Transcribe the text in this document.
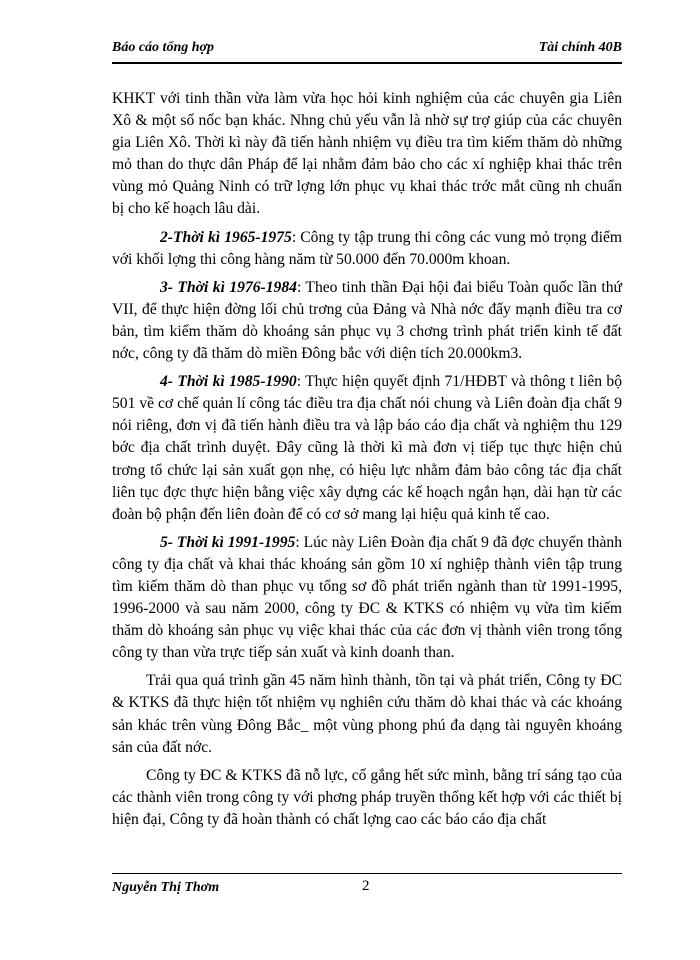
Báo cáo tổng hợp	Tài chính 40B

KHKT với tinh thần vừa làm vừa học hỏi kinh nghiệm của các chuyên gia Liên Xô & một số nốc bạn khác. Nhng chủ yếu vẫn là nhờ sự trợ giúp của các chuyên gia Liên Xô. Thời kì này đã tiến hành nhiệm vụ điều tra tìm kiếm thăm dò những mỏ than do thực dân Pháp để lại nhằm đảm bảo cho các xí nghiệp khai thác trên vùng mỏ Quảng Ninh có trữ lợng lớn phục vụ khai thác trớc mắt cũng nh chuẩn bị cho kế hoạch lâu dài.

2-Thời kì 1965-1975: Công ty tập trung thi công các vung mỏ trọng điểm với khối lợng thi công hàng năm từ 50.000 đến 70.000m khoan.

3- Thời kì 1976-1984: Theo tinh thần Đại hội đai biểu Toàn quốc lần thứ VII, để thực hiện đờng lối chủ trơng của Đảng và Nhà nớc đẩy mạnh điều tra cơ bản, tìm kiếm thăm dò khoáng sản phục vụ 3 chơng trình phát triển kinh tế đất nớc, công ty đã thăm dò miền Đông bắc với diện tích 20.000km3.

4- Thời kì 1985-1990: Thực hiện quyết định 71/HĐBT và thông t liên bộ 501 về cơ chế quản lí công tác điều tra địa chất nói chung và Liên đoàn địa chất 9 nói riêng, đơn vị đã tiến hành điều tra và lập báo cáo địa chất và nghiệm thu 129 bớc địa chất trình duyệt. Đây cũng là thời kì mà đơn vị tiếp tục thực hiện chủ trơng tổ chức lại sản xuất gọn nhẹ, có hiệu lực nhằm đảm bảo công tác địa chất liên tục đợc thực hiện bằng việc xây dựng các kế hoạch ngắn hạn, dài hạn từ các đoàn bộ phận đến liên đoàn để có cơ sở mang lại hiệu quả kinh tế cao.

5- Thời kì 1991-1995: Lúc này Liên Đoàn địa chất 9 đã đợc chuyển thành công ty địa chất và khai thác khoáng sản gồm 10 xí nghiệp thành viên tập trung tìm kiếm thăm dò than phục vụ tổng sơ đồ phát triển ngành than từ 1991-1995, 1996-2000 và sau năm 2000, công ty ĐC & KTKS có nhiệm vụ vừa tìm kiếm thăm dò khoáng sản phục vụ việc khai thác của các đơn vị thành viên trong tổng công ty than vừa trực tiếp sản xuất và kinh doanh than.

Trải qua quá trình gần 45 năm hình thành, tồn tại và phát triển, Công ty ĐC & KTKS đã thực hiện tốt nhiệm vụ nghiên cứu thăm dò khai thác và các khoáng sản khác trên vùng Đông Bắc_ một vùng phong phú đa dạng tài nguyên khoáng sản của đất nớc.

Công ty ĐC & KTKS đã nỗ lực, cố gắng hết sức mình, bằng trí sáng tạo của các thành viên trong công ty với phơng pháp truyền thống kết hợp với các thiết bị hiện đại, Công ty đã hoàn thành có chất lợng cao các báo cáo địa chất

Nguyễn Thị Thơm	2
